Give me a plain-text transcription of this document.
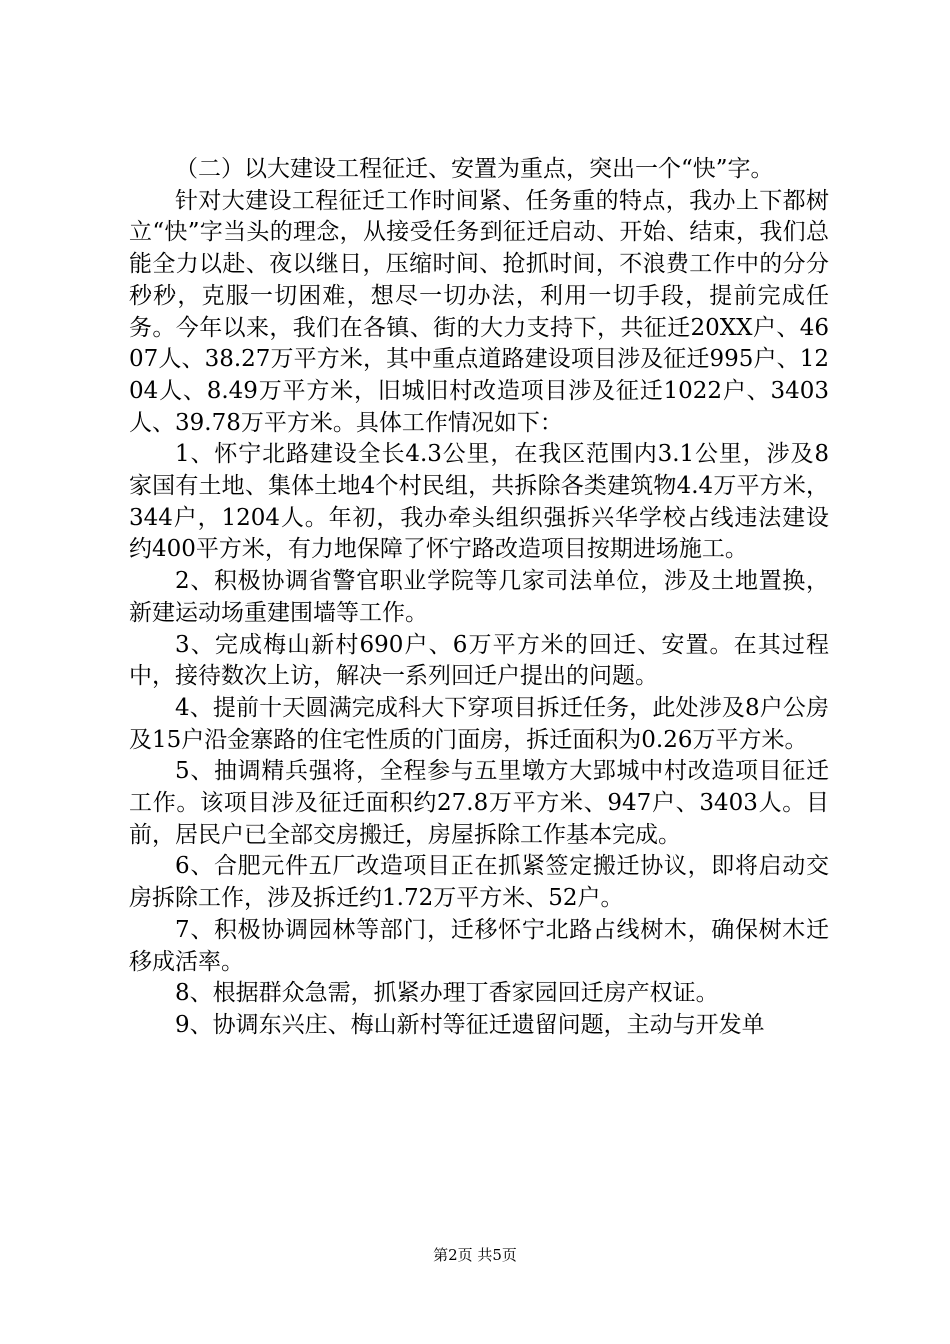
（二）以大建设工程征迁、安置为重点，突出一个“快”字。

针对大建设工程征迁工作时间紧、任务重的特点，我办上下都树立“快”字当头的理念，从接受任务到征迁启动、开始、结束，我们总能全力以赴、夜以继日，压缩时间、抢抓时间，不浪费工作中的分分秒秒，克服一切困难，想尽一切办法，利用一切手段，提前完成任务。今年以来，我们在各镇、街的大力支持下，共征迁20XX户、4607人、38.27万平方米，其中重点道路建设项目涉及征迁995户、1204人、8.49万平方米，旧城旧村改造项目涉及征迁1022户、3403人、39.78万平方米。具体工作情况如下：

1、怀宁北路建设全长4.3公里，在我区范围内3.1公里，涉及8家国有土地、集体土地4个村民组，共拆除各类建筑物4.4万平方米，344户，1204人。年初，我办牵头组织强拆兴华学校占线违法建设约400平方米，有力地保障了怀宁路改造项目按期进场施工。

2、积极协调省警官职业学院等几家司法单位，涉及土地置换，新建运动场重建围墙等工作。

3、完成梅山新村690户、6万平方米的回迁、安置。在其过程中，接待数次上访，解决一系列回迁户提出的问题。

4、提前十天圆满完成科大下穿项目拆迁任务，此处涉及8户公房及15户沿金寨路的住宅性质的门面房，拆迁面积为0.26万平方米。

5、抽调精兵强将，全程参与五里墩方大郢城中村改造项目征迁工作。该项目涉及征迁面积约27.8万平方米、947户、3403人。目前，居民户已全部交房搬迁，房屋拆除工作基本完成。

6、合肥元件五厂改造项目正在抓紧签定搬迁协议，即将启动交房拆除工作，涉及拆迁约1.72万平方米、52户。

7、积极协调园林等部门，迁移怀宁北路占线树木，确保树木迁移成活率。

8、根据群众急需，抓紧办理丁香家园回迁房产权证。

9、协调东兴庄、梅山新村等征迁遗留问题，主动与开发单

第2页 共5页
